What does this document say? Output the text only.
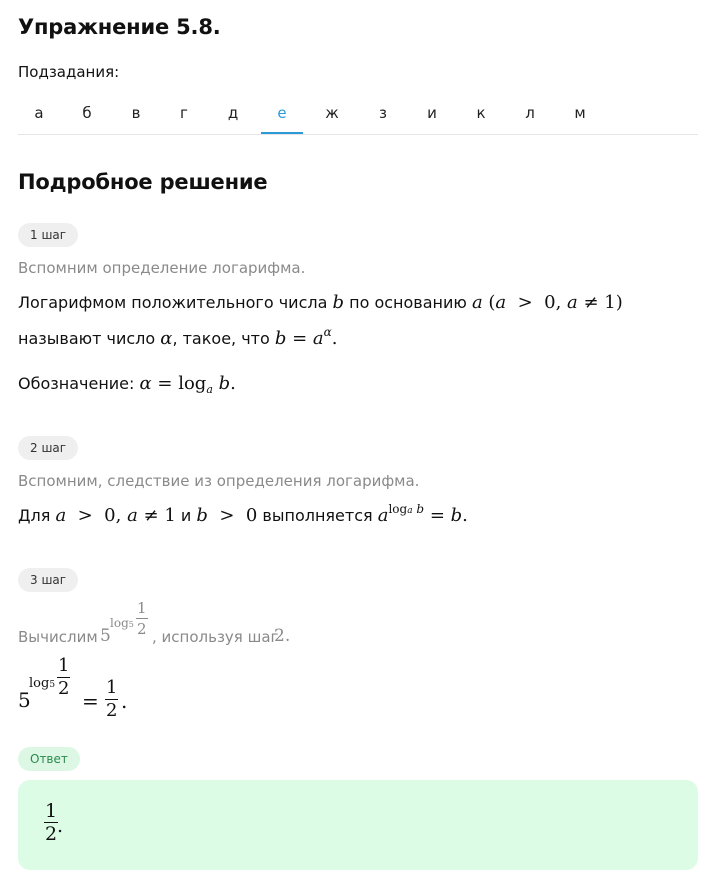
Упражнение 5.8.
Подзадания:
а	б	в	г	д	е	ж	з	и	к	л	м
Подробное решение
1 шаг
Вспомним определение логарифма.
Логарифмом положительного числа b по основанию a (a  >  0, a ≠ 1)
называют число α, такое, что $b = a^\alpha$.
Обозначение: $\alpha = \log_a b$.
2 шаг
Вспомним, следствие из определения логарифма.
Для a  >  0, a ≠ 1 и b  >  0 выполняется $a^{loga b} = b$.
3 шаг
Вычислим 5
$\log 5 \frac{1}{2}$ , используя шаг
2.
5
$\log 5 \frac{1}{2}$
= $\frac{1}{2}$ .
Ответ
$\frac{1}{2}$
.
